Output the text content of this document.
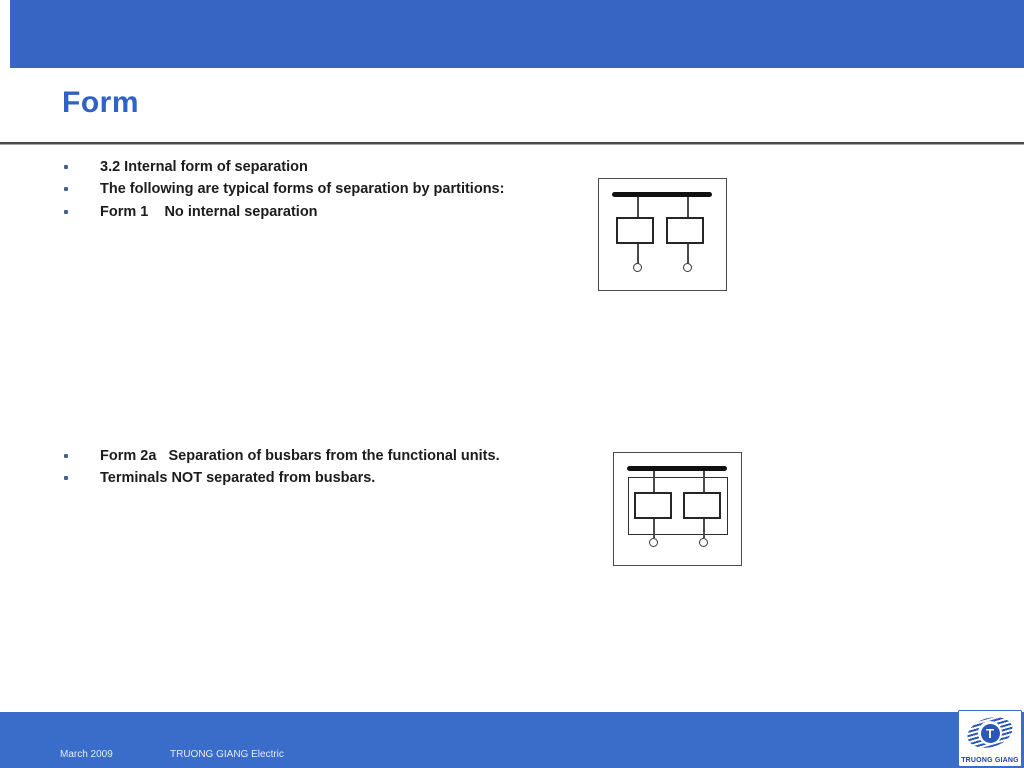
Form
3.2 Internal form of separation
The following are typical forms of separation by partitions:
Form 1    No internal separation
Form 2a   Separation of busbars from the functional units.
Terminals NOT separated from busbars.
March 2009	TRUONG GIANG Electric
T
TRUONG GIANG
